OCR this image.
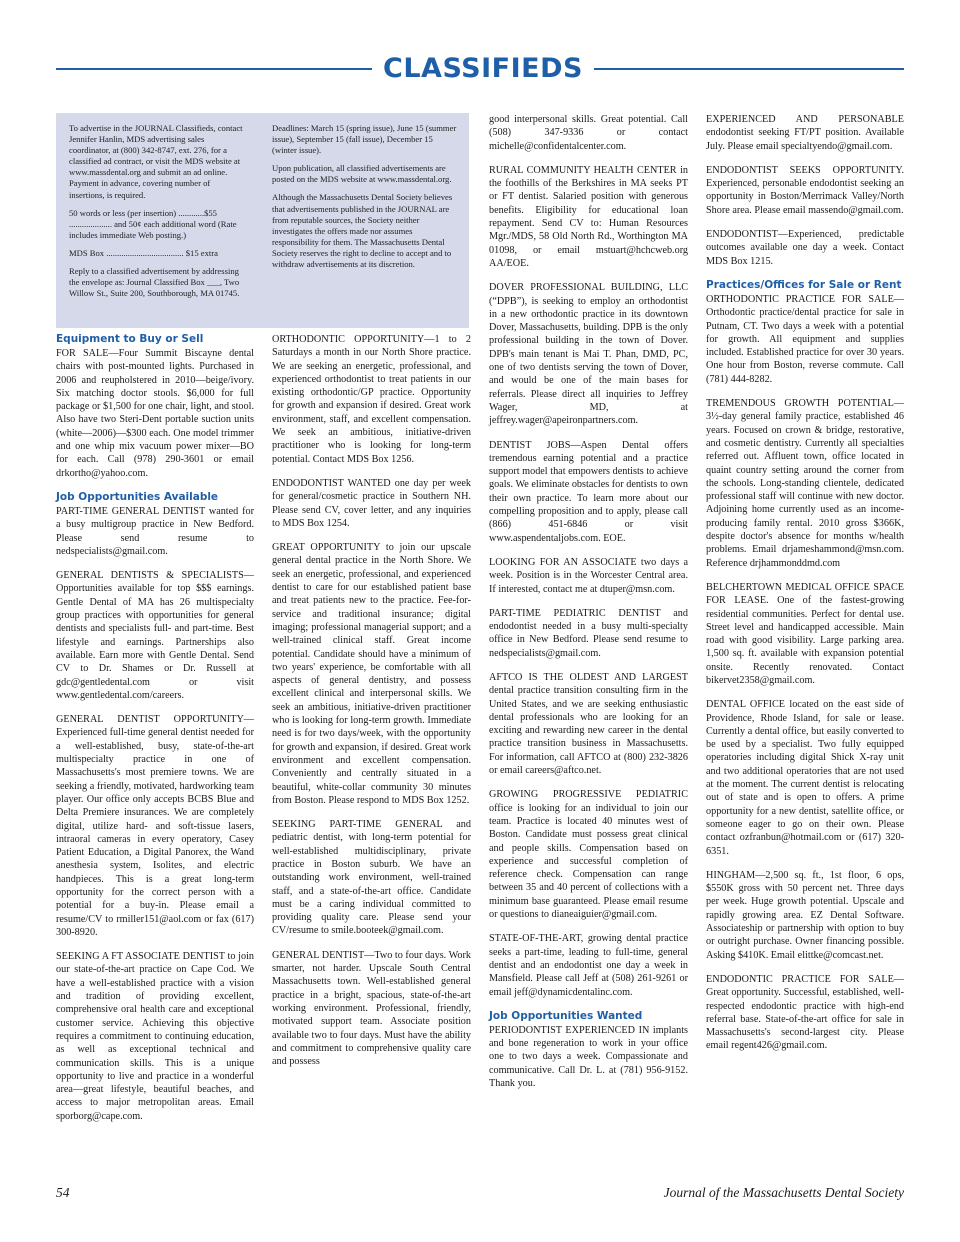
CLASSIFIEDS

To advertise in the JOURNAL Classifieds, contact Jennifer Hanlin, MDS advertising sales coordinator, at (800) 342-8747, ext. 276, for a classified ad contract, or visit the MDS website at www.massdental.org and submit an ad online. Payment in advance, covering number of insertions, is required.

50 words or less (per insertion) ............$55 .................... and 50¢ each additional word (Rate includes immediate Web posting.)

MDS Box .................................... $15 extra

Reply to a classified advertisement by addressing the envelope as: Journal Classified Box ___, Two Willow St., Suite 200, Southborough, MA 01745.

Deadlines: March 15 (spring issue), June 15 (summer issue), September 15 (fall issue), December 15 (winter issue).

Upon publication, all classified advertisements are posted on the MDS website at www.massdental.org.

Although the Massachusetts Dental Society believes that advertisements published in the JOURNAL are from reputable sources, the Society neither investigates the offers made nor assumes responsibility for them. The Massachusetts Dental Society reserves the right to decline to accept and to withdraw advertisements at its discretion.

Equipment to Buy or Sell

FOR SALE—Four Summit Biscayne dental chairs with post-mounted lights. Purchased in 2006 and reupholstered in 2010—beige/ivory. Six matching doctor stools. $6,000 for full package or $1,500 for one chair, light, and stool. Also have two Steri-Dent portable suction units (white—2006)—$300 each. One model trimmer and one whip mix vacuum power mixer—BO for each. Call (978) 290-3601 or email drkortho@yahoo.com.

Job Opportunities Available

PART-TIME GENERAL DENTIST wanted for a busy multigroup practice in New Bedford. Please send resume to nedspecialists@gmail.com.

GENERAL DENTISTS & SPECIALISTS—Opportunities available for top $$$ earnings. Gentle Dental of MA has 26 multispecialty group practices with opportunities for general dentists and specialists full- and part-time. Best lifestyle and earnings. Partnerships also available. Earn more with Gentle Dental. Send CV to Dr. Shames or Dr. Russell at gdc@gentledental.com or visit www.gentledental.com/careers.

GENERAL DENTIST OPPORTUNITY—Experienced full-time general dentist needed for a well-established, busy, state-of-the-art multispecialty practice in one of Massachusetts's most premiere towns. We are seeking a friendly, motivated, hardworking team player. Our office only accepts BCBS Blue and Delta Premiere insurances. We are completely digital, utilize hard- and soft-tissue lasers, intraoral cameras in every operatory, Casey Patient Education, a Digital Panorex, the Wand anesthesia system, Isolites, and electric handpieces. This is a great long-term opportunity for the correct person with a potential for a buy-in. Please email a resume/CV to rmiller151@aol.com or fax (617) 300-8920.

SEEKING A FT ASSOCIATE DENTIST to join our state-of-the-art practice on Cape Cod. We have a well-established practice with a vision and tradition of providing excellent, comprehensive oral health care and exceptional customer service. Achieving this objective requires a commitment to continuing education, as well as exceptional technical and communication skills. This is a unique opportunity to live and practice in a wonderful area—great lifestyle, beautiful beaches, and access to major metropolitan areas. Email sporborg@cape.com.

ORTHODONTIC OPPORTUNITY—1 to 2 Saturdays a month in our North Shore practice. We are seeking an energetic, professional, and experienced orthodontist to treat patients in our existing orthodontic/GP practice. Opportunity for growth and expansion if desired. Great work environment, staff, and excellent compensation. We seek an ambitious, initiative-driven practitioner who is looking for long-term potential. Contact MDS Box 1256.

ENDODONTIST WANTED one day per week for general/cosmetic practice in Southern NH. Please send CV, cover letter, and any inquiries to MDS Box 1254.

GREAT OPPORTUNITY to join our upscale general dental practice in the North Shore. We seek an energetic, professional, and experienced dentist to care for our established patient base and treat patients new to the practice. Fee-for-service and traditional insurance; digital imaging; professional managerial support; and a well-trained clinical staff. Great income potential. Candidate should have a minimum of two years' experience, be comfortable with all aspects of general dentistry, and possess excellent clinical and interpersonal skills. We seek an ambitious, initiative-driven practitioner who is looking for long-term growth. Immediate need is for two days/week, with the opportunity for growth and expansion, if desired. Great work environment and excellent compensation. Conveniently and centrally situated in a beautiful, white-collar community 30 minutes from Boston. Please respond to MDS Box 1252.

SEEKING PART-TIME GENERAL and pediatric dentist, with long-term potential for well-established multidisciplinary, private practice in Boston suburb. We have an outstanding work environment, well-trained staff, and a state-of-the-art office. Candidate must be a caring individual committed to providing quality care. Please send your CV/resume to smile.booteek@gmail.com.

GENERAL DENTIST—Two to four days. Work smarter, not harder. Upscale South Central Massachusetts town. Well-established general practice in a bright, spacious, state-of-the-art working environment. Professional, friendly, motivated support team. Associate position available two to four days. Must have the ability and commitment to comprehensive quality care and possess

good interpersonal skills. Great potential. Call (508) 347-9336 or contact michelle@confidentalcenter.com.

RURAL COMMUNITY HEALTH CENTER in the foothills of the Berkshires in MA seeks PT or FT dentist. Salaried position with generous benefits. Eligibility for educational loan repayment. Send CV to: Human Resources Mgr./MDS, 58 Old North Rd., Worthington MA 01098, or email mstuart@hchcweb.org AA/EOE.

DOVER PROFESSIONAL BUILDING, LLC (“DPB”), is seeking to employ an orthodontist in a new orthodontic practice in its downtown Dover, Massachusetts, building. DPB is the only professional building in the town of Dover. DPB's main tenant is Mai T. Phan, DMD, PC, one of two dentists serving the town of Dover, and would be one of the main bases for referrals. Please direct all inquiries to Jeffrey Wager, MD, at jeffrey.wager@apeironpartners.com.

DENTIST JOBS—Aspen Dental offers tremendous earning potential and a practice support model that empowers dentists to achieve goals. We eliminate obstacles for dentists to own their own practice. To learn more about our compelling proposition and to apply, please call (866) 451-6846 or visit www.aspendentaljobs.com. EOE.

LOOKING FOR AN ASSOCIATE two days a week. Position is in the Worcester Central area. If interested, contact me at dtuper@msn.com.

PART-TIME PEDIATRIC DENTIST and endodontist needed in a busy multi-specialty office in New Bedford. Please send resume to nedspecialists@gmail.com.

AFTCO IS THE OLDEST AND LARGEST dental practice transition consulting firm in the United States, and we are seeking enthusiastic dental professionals who are looking for an exciting and rewarding new career in the dental practice transition business in Massachusetts. For information, call AFTCO at (800) 232-3826 or email careers@aftco.net.

GROWING PROGRESSIVE PEDIATRIC office is looking for an individual to join our team. Practice is located 40 minutes west of Boston. Candidate must possess great clinical and people skills. Compensation based on experience and successful completion of reference check. Compensation can range between 35 and 40 percent of collections with a minimum base guaranteed. Please email resume or questions to dianeaiguier@gmail.com.

STATE-OF-THE-ART, growing dental practice seeks a part-time, leading to full-time, general dentist and an endodontist one day a week in Mansfield. Please call Jeff at (508) 261-9261 or email jeff@dynamicdentalinc.com.

Job Opportunities Wanted

PERIODONTIST EXPERIENCED IN implants and bone regeneration to work in your office one to two days a week. Compassionate and communicative. Call Dr. L. at (781) 956-9152. Thank you.

EXPERIENCED AND PERSONABLE endodontist seeking FT/PT position. Available July. Please email specialtyendo@gmail.com.

ENDODONTIST SEEKS OPPORTUNITY. Experienced, personable endodontist seeking an opportunity in Boston/Merrimack Valley/North Shore area. Please email massendo@gmail.com.

ENDODONTIST—Experienced, predictable outcomes available one day a week. Contact MDS Box 1215.

Practices/Offices for Sale or Rent

ORTHODONTIC PRACTICE FOR SALE—Orthodontic practice/dental practice for sale in Putnam, CT. Two days a week with a potential for growth. All equipment and supplies included. Established practice for over 30 years. One hour from Boston, reverse commute. Call (781) 444-8282.

TREMENDOUS GROWTH POTENTIAL—3½-day general family practice, established 46 years. Focused on crown & bridge, restorative, and cosmetic dentistry. Currently all specialties referred out. Affluent town, office located in quaint country setting around the corner from the schools. Long-standing clientele, dedicated professional staff will continue with new doctor. Adjoining home currently used as an income-producing family rental. 2010 gross $366K, despite doctor's absence for months w/health problems. Email drjameshammond@msn.com. Reference drjhammonddmd.com

BELCHERTOWN MEDICAL OFFICE SPACE FOR LEASE. One of the fastest-growing residential communities. Perfect for dental use. Street level and handicapped accessible. Main road with good visibility. Large parking area. 1,500 sq. ft. available with expansion potential onsite. Recently renovated. Contact bikervet2358@gmail.com.

DENTAL OFFICE located on the east side of Providence, Rhode Island, for sale or lease. Currently a dental office, but easily converted to be used by a specialist. Two fully equipped operatories including digital Shick X-ray unit and two additional operatories that are not used at the moment. The current dentist is relocating out of state and is open to offers. A prime opportunity for a new dentist, satellite office, or someone eager to go on their own. Please contact ozfranbun@hotmail.com or (617) 320-6351.

HINGHAM—2,500 sq. ft., 1st floor, 6 ops, $550K gross with 50 percent net. Three days per week. Huge growth potential. Upscale and rapidly growing area. EZ Dental Software. Associateship or partnership with option to buy or outright purchase. Owner financing possible. Asking $410K. Email elittke@comcast.net.

ENDODONTIC PRACTICE FOR SALE—Great opportunity. Successful, established, well-respected endodontic practice with high-end referral base. State-of-the-art office for sale in Massachusetts's second-largest city. Please email regent426@gmail.com.

54	Journal of the Massachusetts Dental Society
